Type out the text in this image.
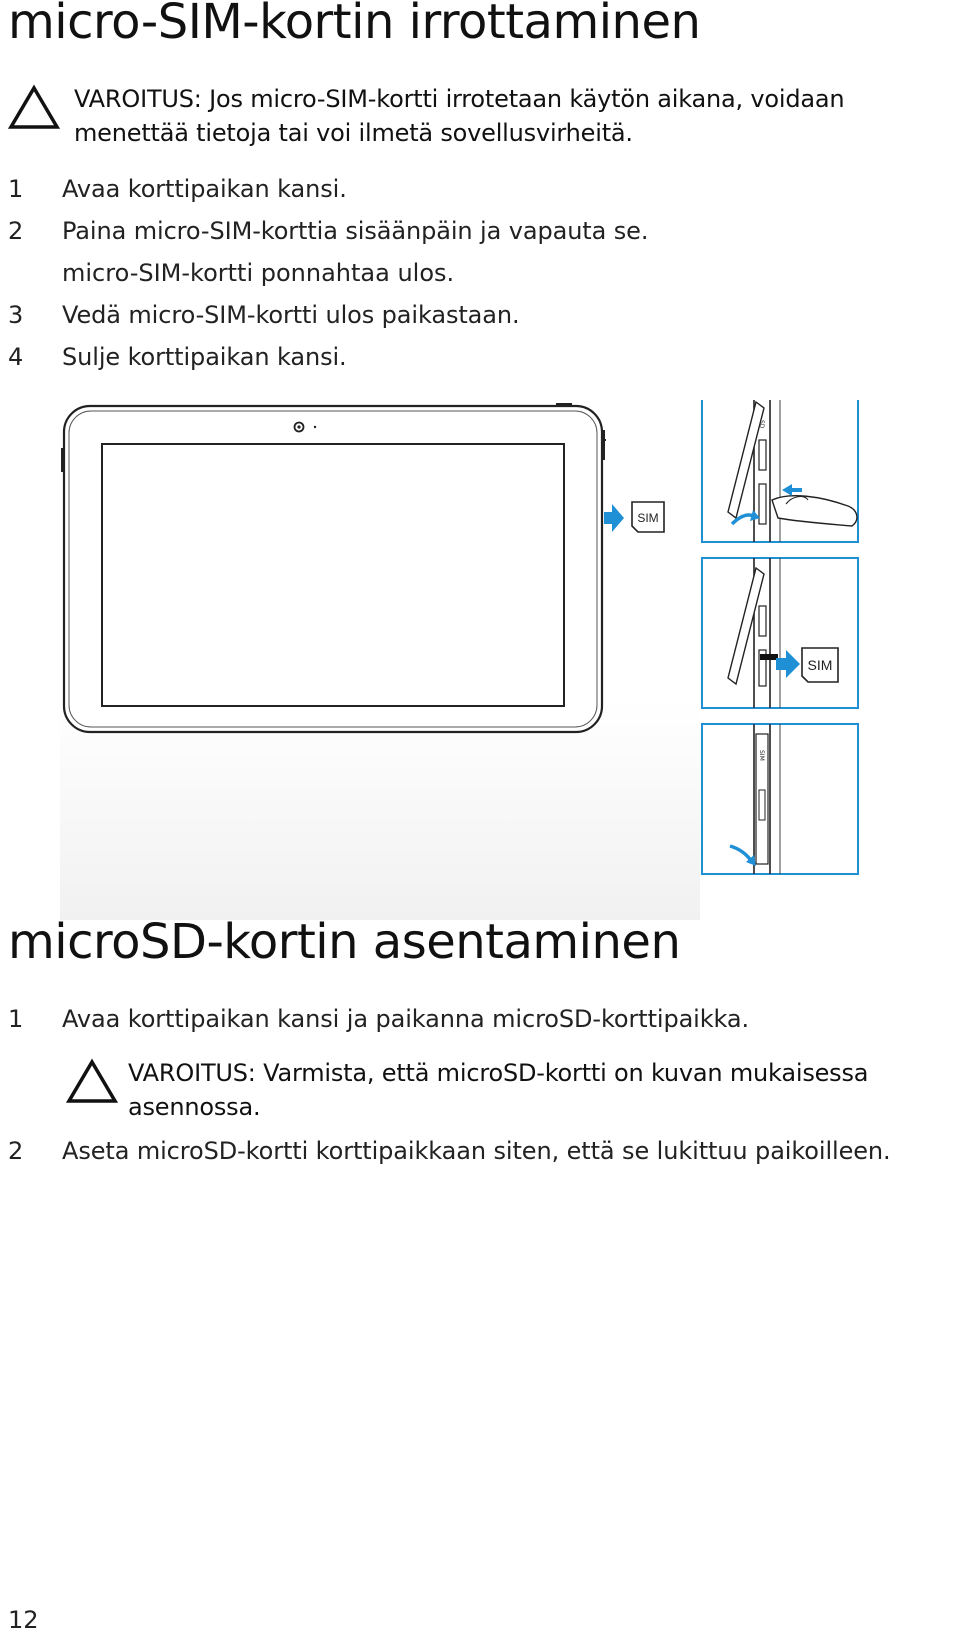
micro-SIM-kortin irrottaminen
VAROITUS: Jos micro-SIM-kortti irrotetaan käytön aikana, voidaan
menettää tietoja tai voi ilmetä sovellusvirheitä.
1 Avaa korttipaikan kansi.
2 Paina micro-SIM-korttia sisäänpäin ja vapauta se.
micro-SIM-kortti ponnahtaa ulos.
3 Vedä micro-SIM-kortti ulos paikastaan.
4 Sulje korttipaikan kansi.
SIM
SD
SIM
SIM
microSD-kortin asentaminen
1 Avaa korttipaikan kansi ja paikanna microSD-korttipaikka.
VAROITUS: Varmista, että microSD-kortti on kuvan mukaisessa
asennossa.
2 Aseta microSD-kortti korttipaikkaan siten, että se lukittuu paikoilleen.
12
